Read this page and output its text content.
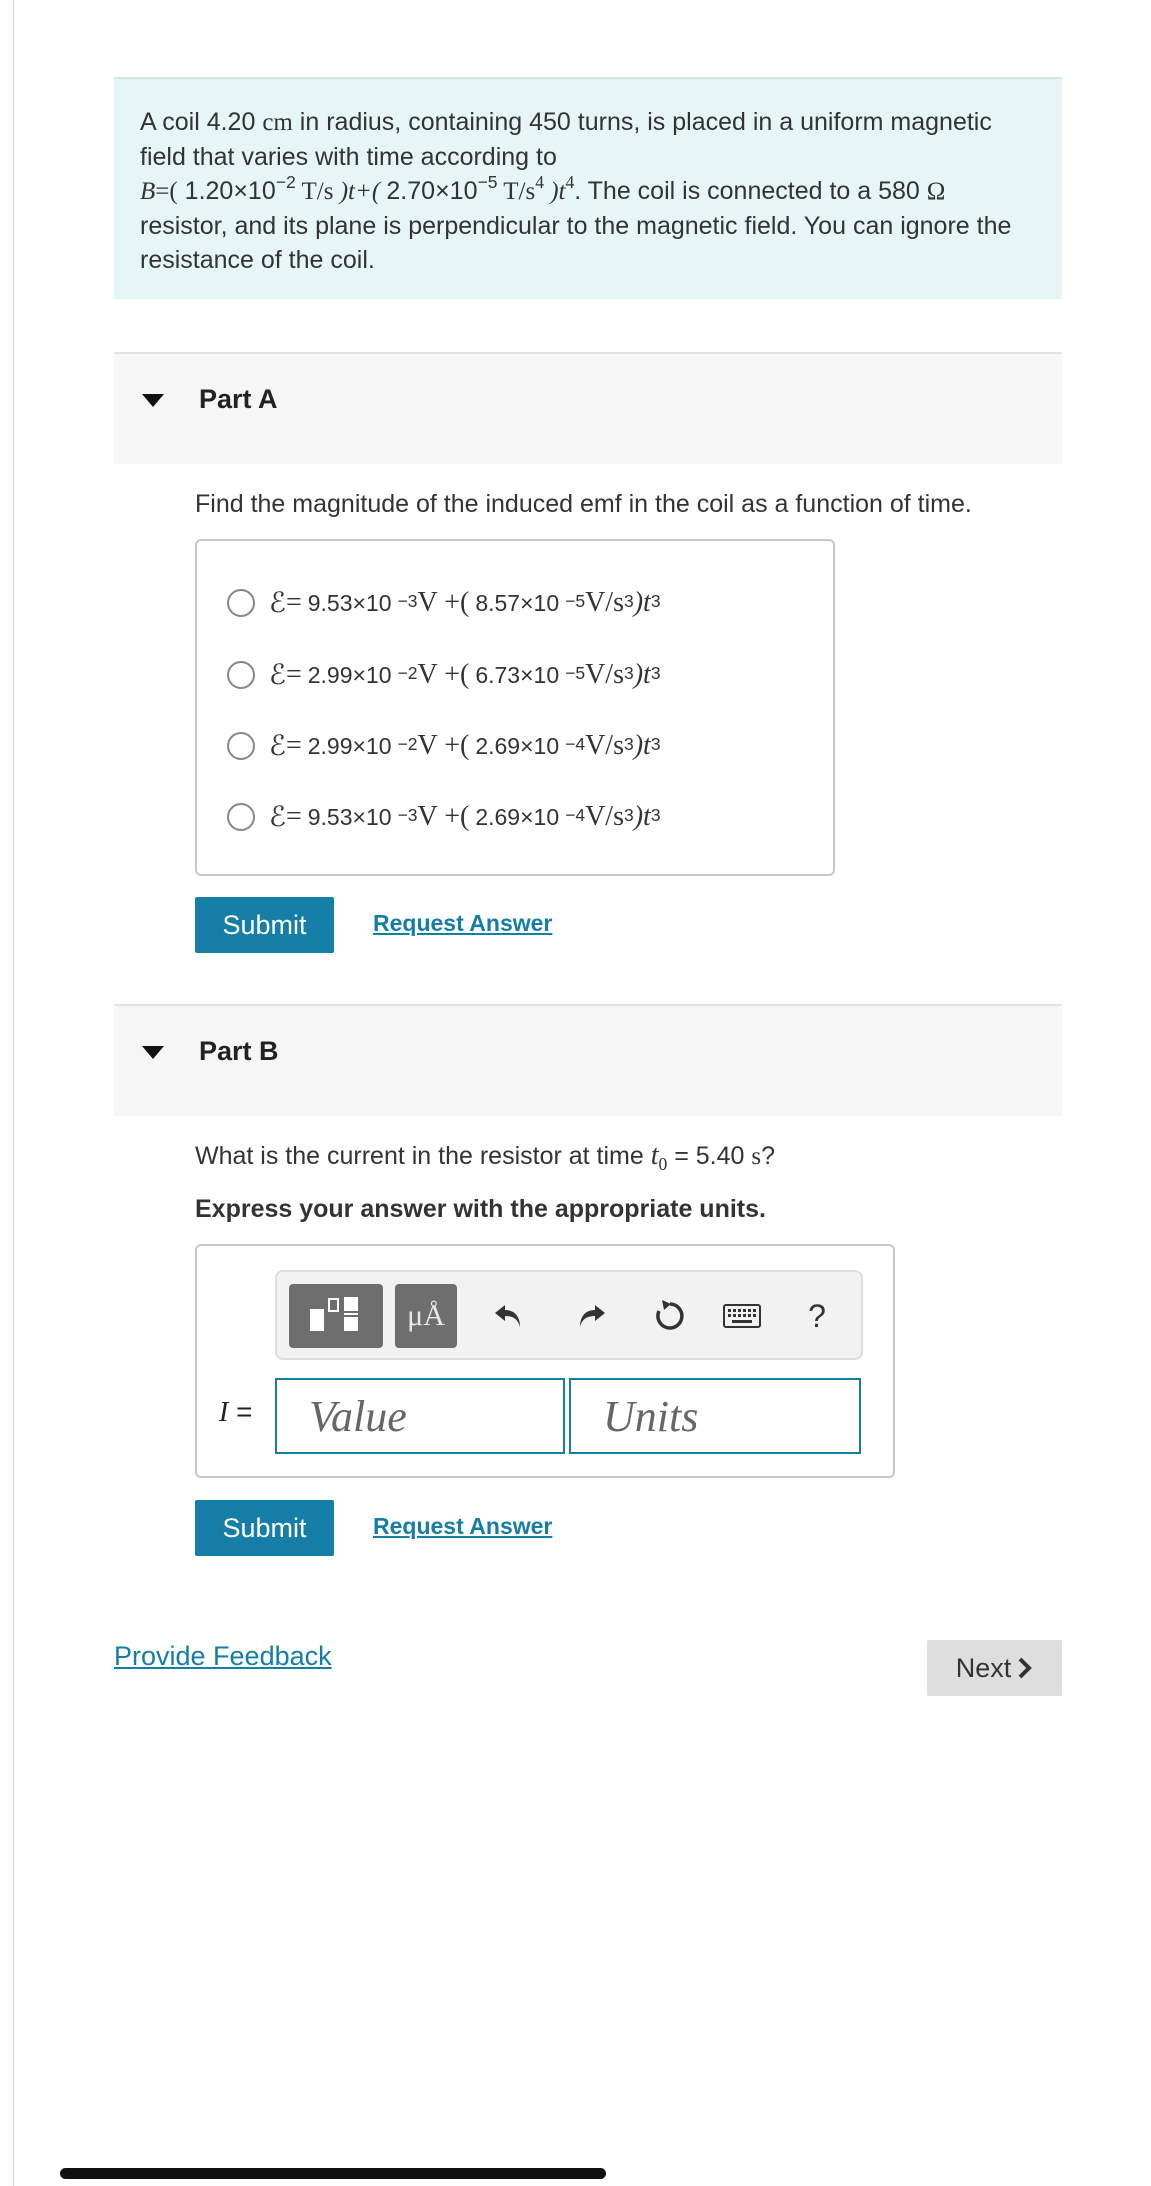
A coil 4.20 cm in radius, containing 450 turns, is placed in a uniform magnetic field that varies with time according to
B=( $1.20\times 10^{-2}$ T/s )t+( $2.70\times 10^{-5}$ $T/s^4$ )$t^4$. The coil is connected to a 580 Ω resistor, and its plane is perpendicular to the magnetic field. You can ignore the resistance of the coil.
Part A
Find the magnitude of the induced emf in the coil as a function of time.
ℰ = 9.53×10 $^{-3}$ V +( 8.57×10 $^{-5}$ $V/s^3$ )$t^3$
ℰ = 2.99×10 $^{-2}$ V +( 6.73×10 $^{-5}$ $V/s^3$ )$t^3$
ℰ = 2.99×10 $^{-2}$ V +( 2.69×10 $^{-4}$ $V/s^3$ )$t^3$
ℰ = 9.53×10 $^{-3}$ V +( 2.69×10 $^{-4}$ $V/s^3$ )$t^3$
Submit	Request Answer
Part B
What is the current in the resistor at time $t_0 = 5.40$ s?
Express your answer with the appropriate units.
μÅ	?
I =	Value	Units
Submit	Request Answer
Provide Feedback	Next
